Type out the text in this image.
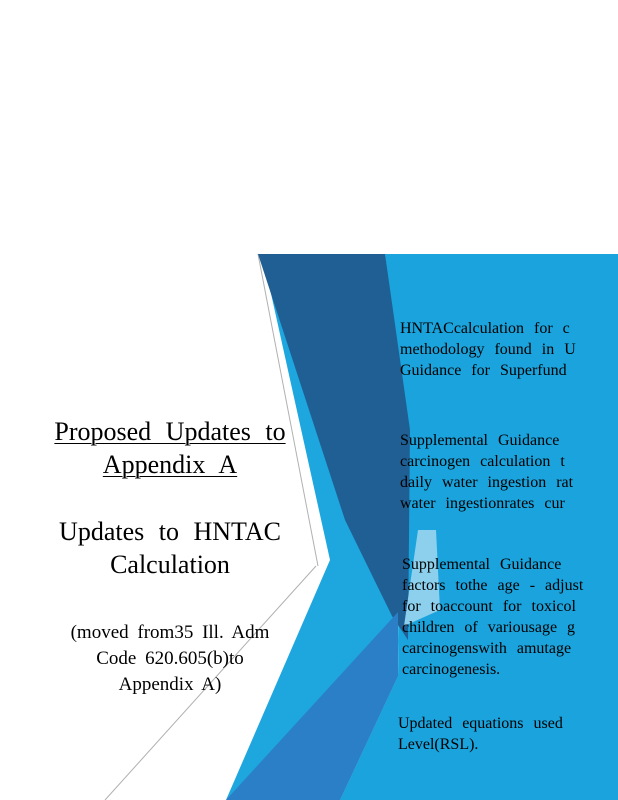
Proposed Updates to
Appendix A
Updates to HNTAC
Calculation
(moved from35 Ill. Adm
Code 620.605(b)to
Appendix A)
HNTACcalculation for c
methodology found in U
Guidance for Superfund
Supplemental Guidance
carcinogen calculation t
daily water ingestion rat
water ingestionrates cur
Supplemental Guidance
factors tothe age - adjust
for toaccount for toxicol
children of variousage g
carcinogenswith amutage
carcinogenesis.
Updated equations used
Level(RSL).
